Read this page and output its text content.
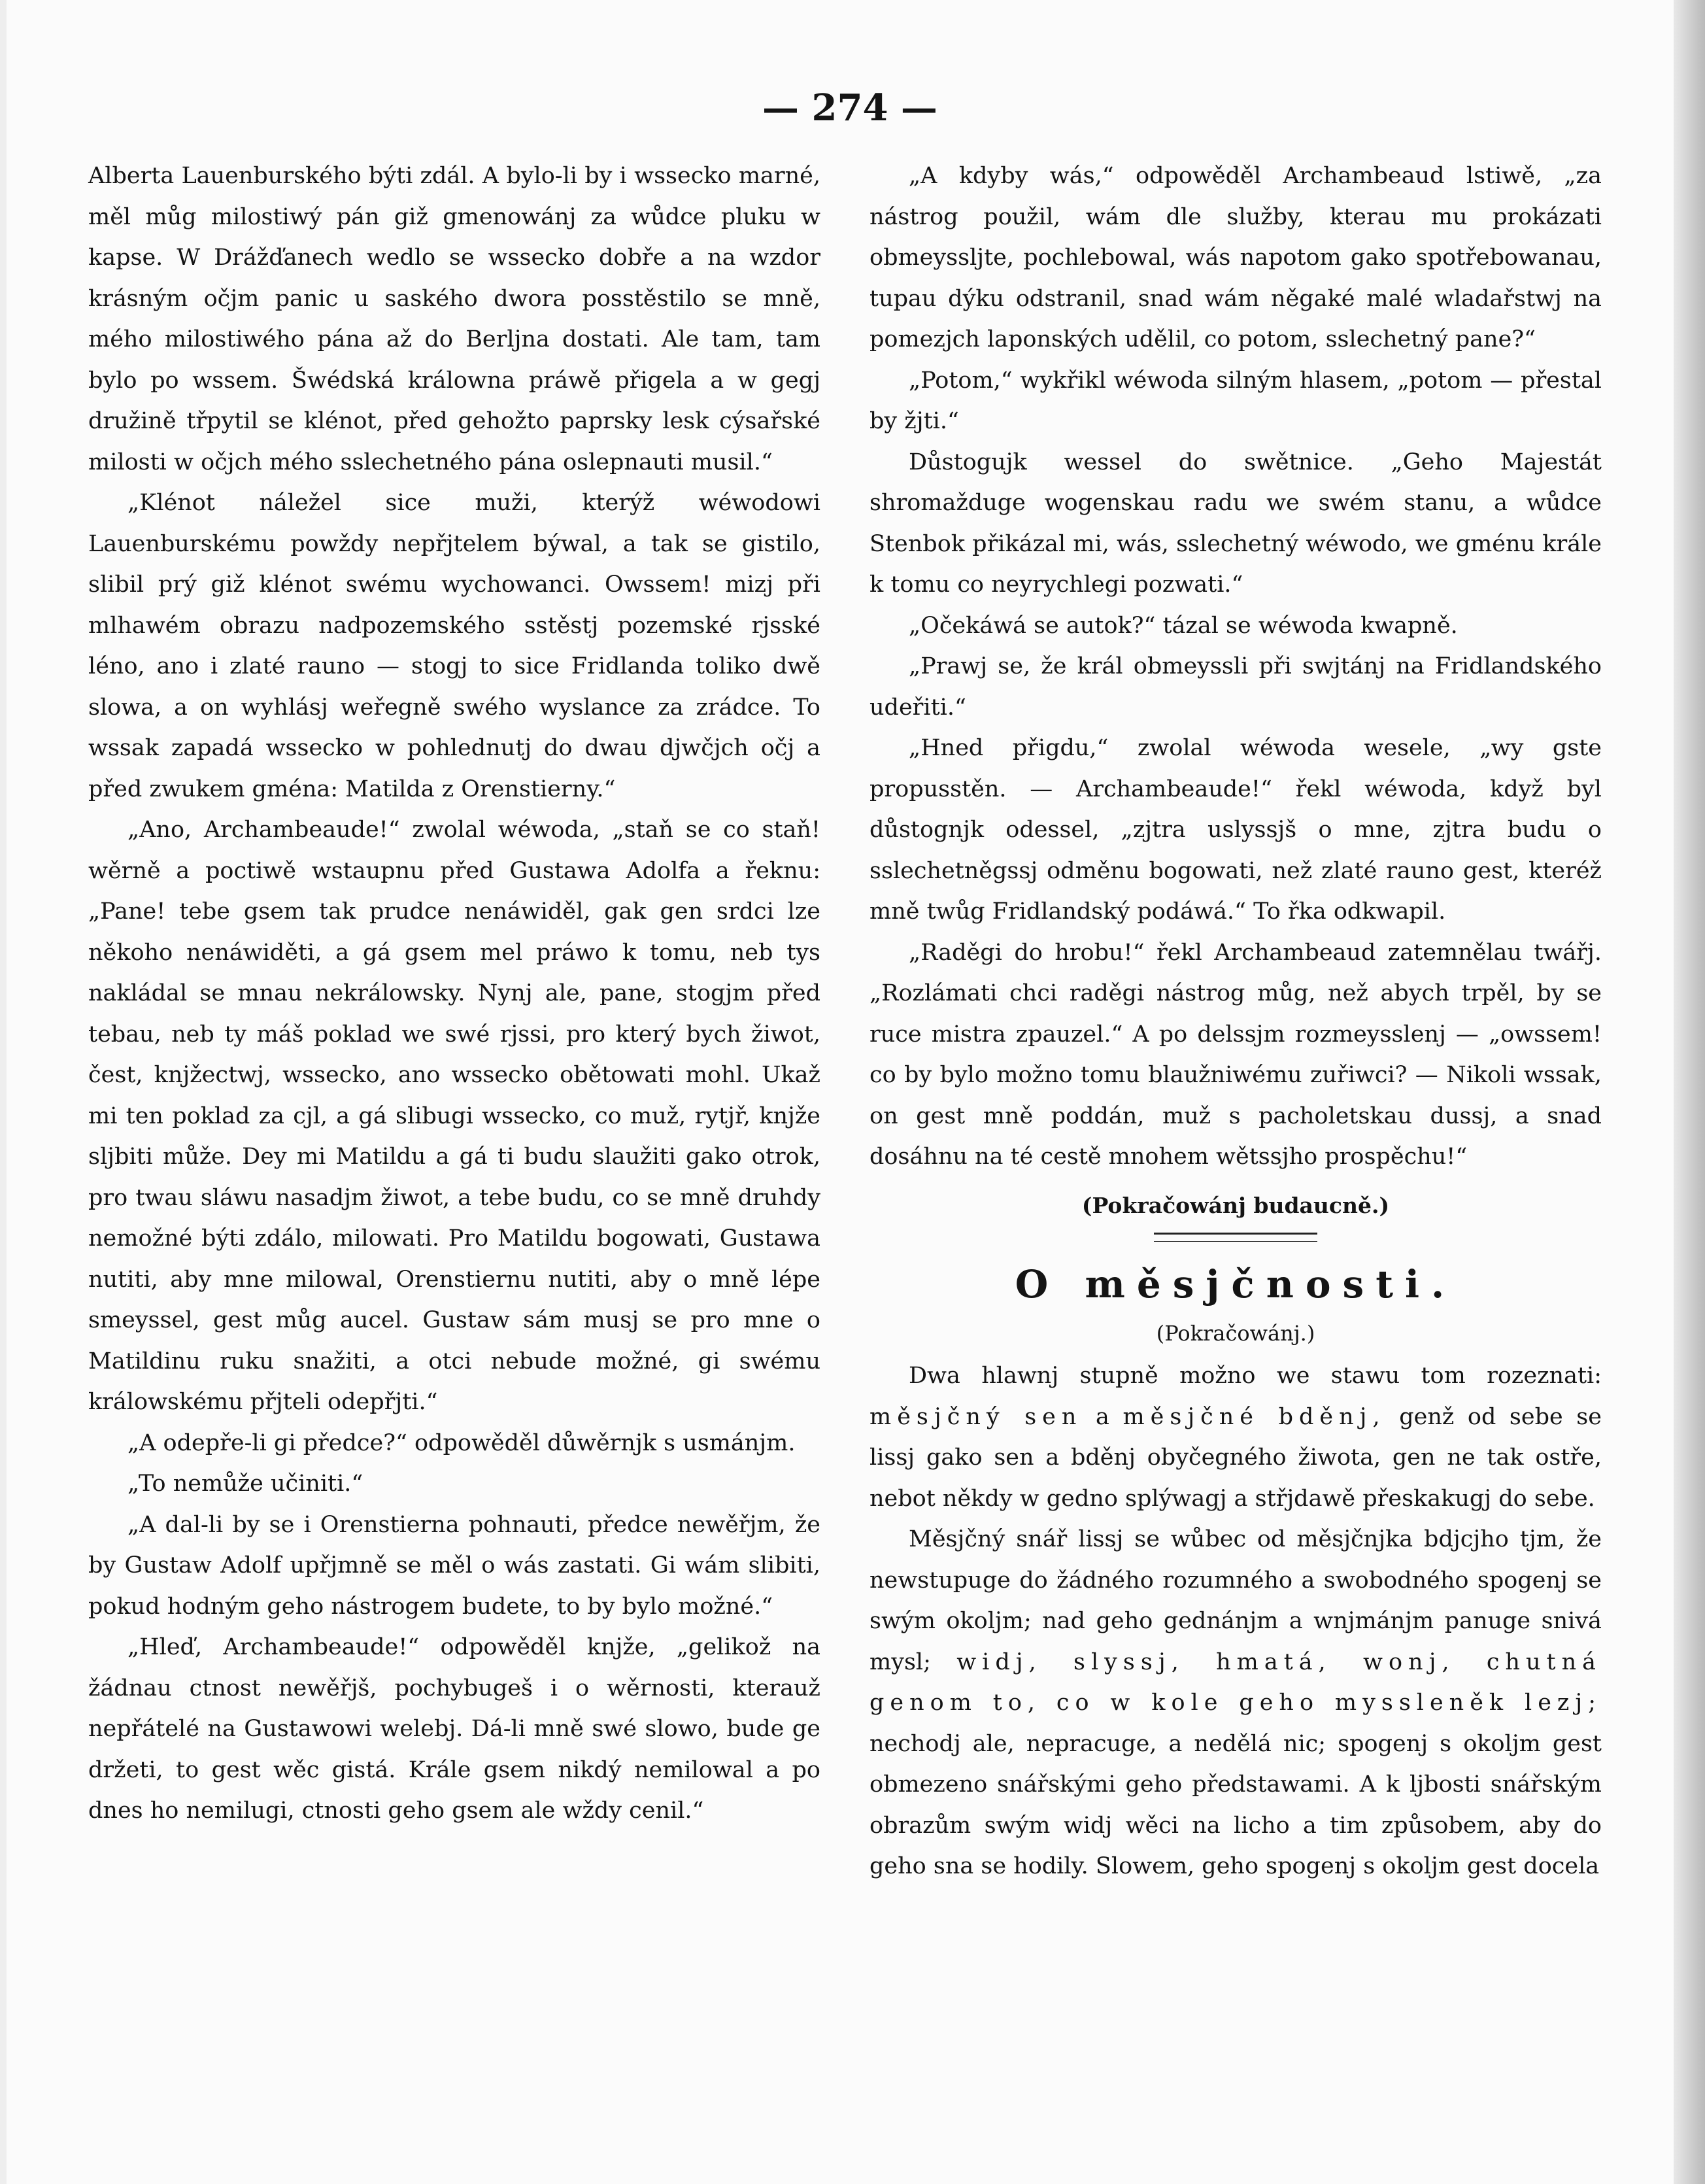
— 274 —

Alberta Lauenburského býti zdál. A bylo-li by i wssecko marné, měl můg milostiwý pán giž gmenowánj za wůdce pluku w kapse. W Drážďanech wedlo se wssecko dobře a na wzdor krásným očjm panic u saského dwora posstěstilo se mně, mého milostiwého pána až do Berljna dostati. Ale tam, tam bylo po wssem. Šwédská králowna práwě přigela a w gegj družině třpytil se klénot, před gehožto paprsky lesk cýsařské milosti w očjch mého sslechetného pána oslepnauti musil.“

„Klénot náležel sice muži, kterýž wéwodowi Lauenburskému powždy nepřjtelem býwal, a tak se gistilo, slibil prý giž klénot swému wychowanci. Owssem! mizj při mlhawém obrazu nadpozemského sstěstj pozemské rjsské léno, ano i zlaté rauno — stogj to sice Fridlanda tolikо dwě slowa, a on wyhlásj weřegně swého wyslance za zrádce. To wssak zapadá wssecko w pohlednutj do dwau djwčjch očj a před zwukem gména: Matilda z Orenstierny.“

„Ano, Archambeaude!“ zwolal wéwoda, „staň se co staň! wěrně a poctiwě wstaupnu před Gustawa Adolfa a řeknu: „Pane! tebe gsem tak prudce nenáwiděl, gak gen srdci lze někoho nenáwiděti, a gá gsem mel práwo k tomu, neb tys nakládal se mnau nekrálowsky. Nynj ale, pane, stogjm před tebau, neb ty máš poklad we swé rjssi, pro který bych žiwot, čest, knjžectwj, wssecko, ano wssecko obětowati mohl. Ukaž mi ten poklad za cjl, a gá slibugi wssecko, co muž, rytjř, knjže sljbiti může. Dey mi Matildu a gá ti budu slaužiti gako otrok, pro twau sláwu nasadjm žiwot, a tebe budu, co se mně druhdy nemožné býti zdálo, milowati. Pro Matildu bogowati, Gustawa nutiti, aby mne milowal, Orenstiernu nutiti, aby o mně lépe smeyssel, gest můg aucel. Gustaw sám musj se pro mne o Matildinu ruku snažiti, a otci nebude možné, gi swému králowskému přjteli odepřjti.“

„A odepře-li gi předce?“ odpowěděl důwěrnjk s usmánjm.

„To nemůže učiniti.“

„A dal-li by se i Orenstierna pohnauti, předce newěřjm, že by Gustaw Adolf upřjmně se měl o wás zastati. Gi wám slibiti, pokud hodným geho nástrogem budete, to by bylo možné.“

„Hleď, Archambeaude!“ odpowěděl knjže, „gelikož na žádnau ctnost newěřjš, pochybugeš i o wěrnosti, kterauž nepřátelé na Gustawowi welebj. Dá-li mně swé slowo, bude ge držeti, to gest wěc gistá. Krále gsem nikdý nemilowal a po dnes ho nemilugi, ctnosti geho gsem ale wždy cenil.“

„A kdyby wás,“ odpowěděl Archambeaud lstiwě, „za nástrog použil, wám dle služby, kterau mu prokázati obmeyssljte, pochlebowal, wás napotom gako spotřebowanau, tupau dýku odstranil, snad wám něgaké malé wladařstwj na pomezjch laponských udělil, co potom, sslechetný pane?“

„Potom,“ wykřikl wéwoda silným hlasem, „potom — přestal by žjti.“

Důstogujk wessel do swětnice. „Geho Majestát shromažduge wogenskau radu we swém stanu, a wůdce Stenbok přikázal mi, wás, sslechetný wéwodo, we gménu krále k tomu co neyrychlegi pozwati.“

„Očekáwá se autok?“ tázal se wéwoda kwapně.

„Prawj se, že král obmeyssli při swjtánj na Fridlandského udeřiti.“

„Hned přigdu,“ zwolal wéwoda wesele, „wy gste propusstěn. — Archambeaude!“ řekl wéwoda, když byl důstognjk odessel, „zjtra uslyssjš o mne, zjtra budu o sslechetněgssj odměnu bogowati, než zlaté rauno gest, kteréž mně twůg Fridlandský podáwá.“ To řka odkwapil.

„Raděgi do hrobu!“ řekl Archambeaud zatemnělau twářj. „Rozlámati chci raděgi nástrog můg, než abych trpěl, by se ruce mistra zpauzel.“ A po delssjm rozmeysslenj — „owssem! co by bylo možno tomu blaužniwému zuřiwci? — Nikoli wssak, on gest mně poddán, muž s pacholetskau dussj, a snad dosáhnu na té cestě mnohem wětssjho prospěchu!“

(Pokračowánj budaucně.)

O měsjčnosti.

(Pokračowánj.)

Dwa hlawnj stupně možno we stawu tom rozeznati: měsjčný sen a měsjčné bděnj, genž od sebe se lissj gako sen a bděnj obyčegného žiwota, gen ne tak ostře, nebot někdy w gedno splýwagj a střjdawě přeskakugj do sebe.

Měsjčný snář lissj se wůbec od měsjčnjka bdjcjho tjm, že newstupuge do žádného rozumného a swobodného spogenj se swým okoljm; nad geho gednánjm a wnjmánjm panuge snivá mysl; widj, slyssj, hmatá, wonj, chutná genom to, co w kole geho myssleněk lezj; nechodj ale, nepracuge, a nedělá nic; spogenj s okoljm gest obmezeno snářskými geho předstawami. A k ljbosti snářským obrazům swým widj wěci na licho a tim způsobem, aby do geho sna se hodily. Slowem, geho spogenj s okoljm gest docela
